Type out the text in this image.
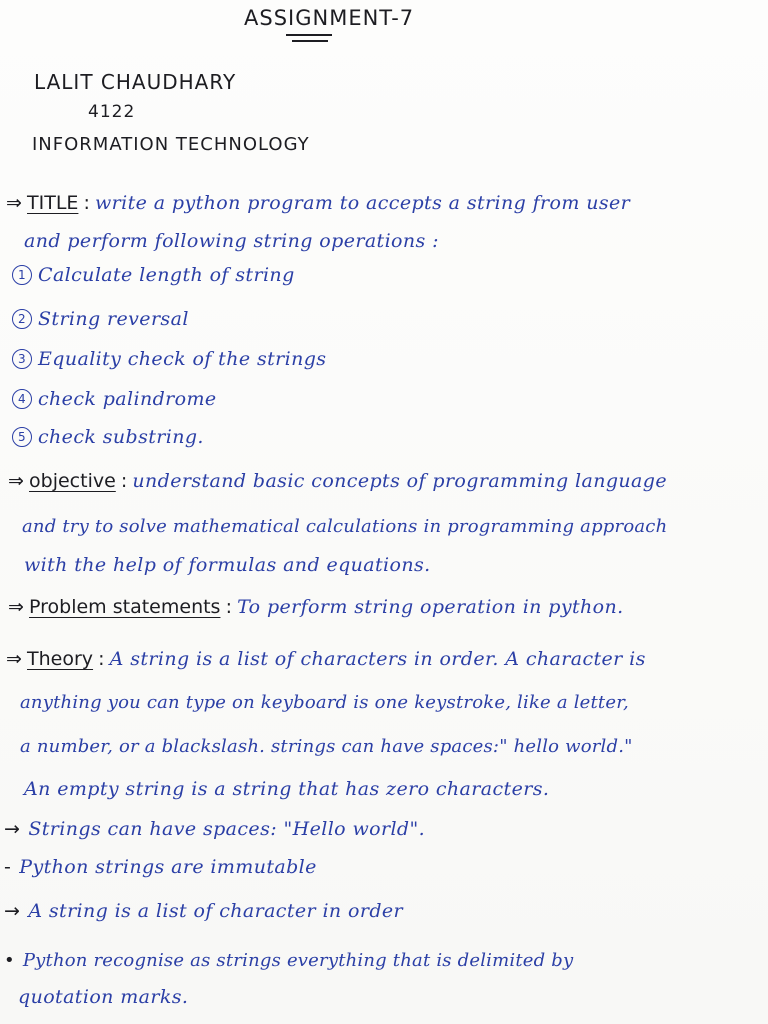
ASSIGNMENT-7
LALIT CHAUDHARY
4122
INFORMATION TECHNOLOGY
⇒ TITLE : write a python program to accepts a string from user
and perform following string operations :
1 Calculate length of string
2 String reversal
3 Equality check of the strings
4 check palindrome
5 check substring.
⇒ objective : understand basic concepts of programming language
and try to solve mathematical calculations in programming approach
with the help of formulas and equations.
⇒ Problem statements : To perform string operation in python.
⇒ Theory : A string is a list of characters in order. A character is
anything you can type on keyboard is one keystroke, like a letter,
a number, or a blackslash. strings can have spaces:" hello world."
An empty string is a string that has zero characters.
→ Strings can have spaces: "Hello world".
- Python strings are immutable
→ A string is a list of character in order
• Python recognise as strings everything that is delimited by
quotation marks.
